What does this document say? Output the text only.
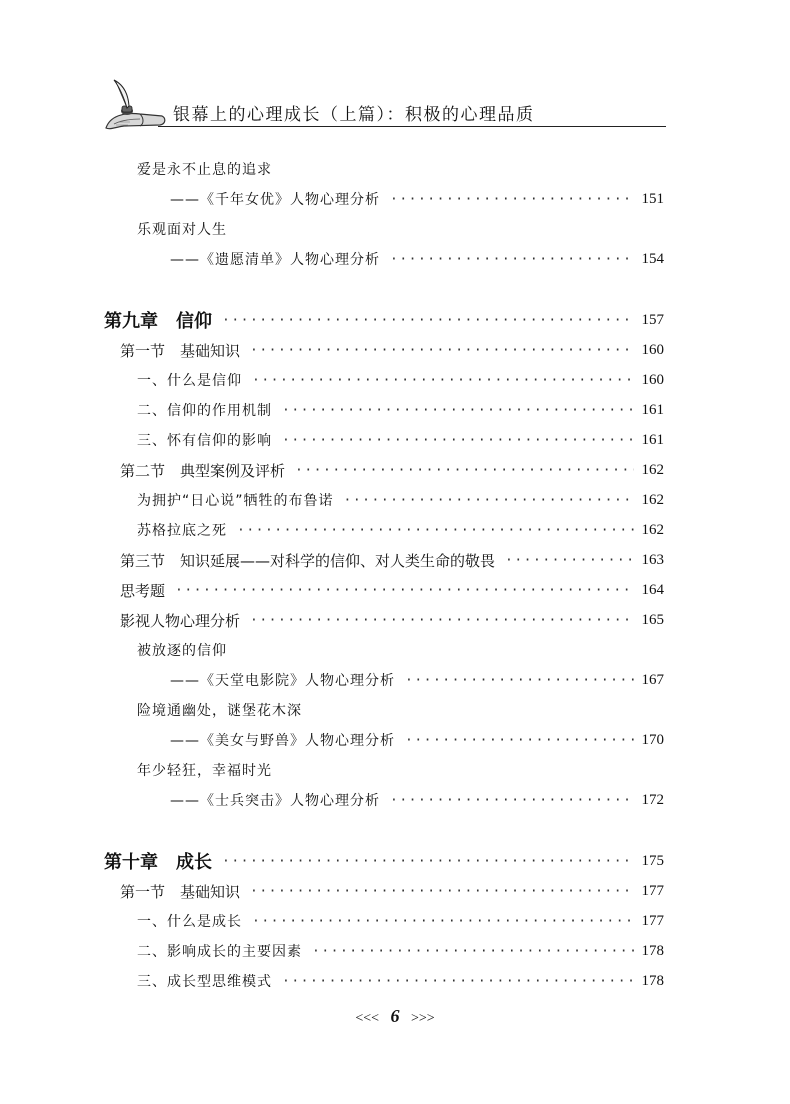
银幕上的心理成长（上篇）：积极的心理品质
爱是永不止息的追求
——《千年女优》人物心理分析 ·····	151
乐观面对人生
——《遗愿清单》人物心理分析 ·····	154
第九章　信仰 ·····	157
第一节　基础知识 ·····	160
一、什么是信仰 ·····	160
二、信仰的作用机制 ·····	161
三、怀有信仰的影响 ·····	161
第二节　典型案例及评析 ·····	162
为拥护“日心说”牺牲的布鲁诺 ·····	162
苏格拉底之死 ·····	162
第三节　知识延展——对科学的信仰、对人类生命的敬畏 ·····	163
思考题 ·····	164
影视人物心理分析 ·····	165
被放逐的信仰
——《天堂电影院》人物心理分析 ·····	167
险境通幽处，谜堡花木深
——《美女与野兽》人物心理分析 ·····	170
年少轻狂，幸福时光
——《士兵突击》人物心理分析 ·····	172
第十章　成长 ·····	175
第一节　基础知识 ·····	177
一、什么是成长 ·····	177
二、影响成长的主要因素 ·····	178
三、成长型思维模式 ·····	178
<<< 6 >>>
